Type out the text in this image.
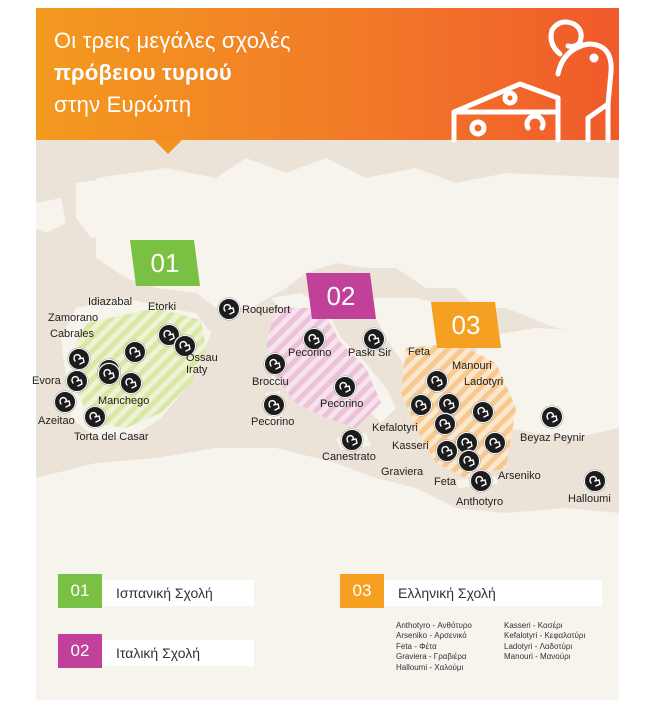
Οι τρεις μεγάλες σχολές
πρόβειου τυριού
στην Ευρώπη
01
02
03
Etorki
Idiazabal
Cabrales
Zamorano
Ossau Iraty
Evora
Manchego
Azeitao
Torta del Casar
Roquefort
Pecorino Paski Sir
Brocciu
Pecorino
Pecorino
Canestrato
Feta
Manouri
Ladotyri
Kefalotyri
Kasseri
Graviera
Feta	Arseniko
Anthotyro
Beyaz Peynir
Halloumi
01	Ισπανική Σχολή
02	Ιταλική Σχολή
03	Ελληνική Σχολή
Anthotyro - Ανθότυρο
Arseniko - Αρσενικό
Feta - Φέτα
Graviera - Γραβιέρα
Halloumi - Χαλούμι
Kasseri - Κασέρι
Kefalotyri - Κεφαλοτύρι
Ladotyri - Λαδοτύρι
Manouri - Μανούρι
